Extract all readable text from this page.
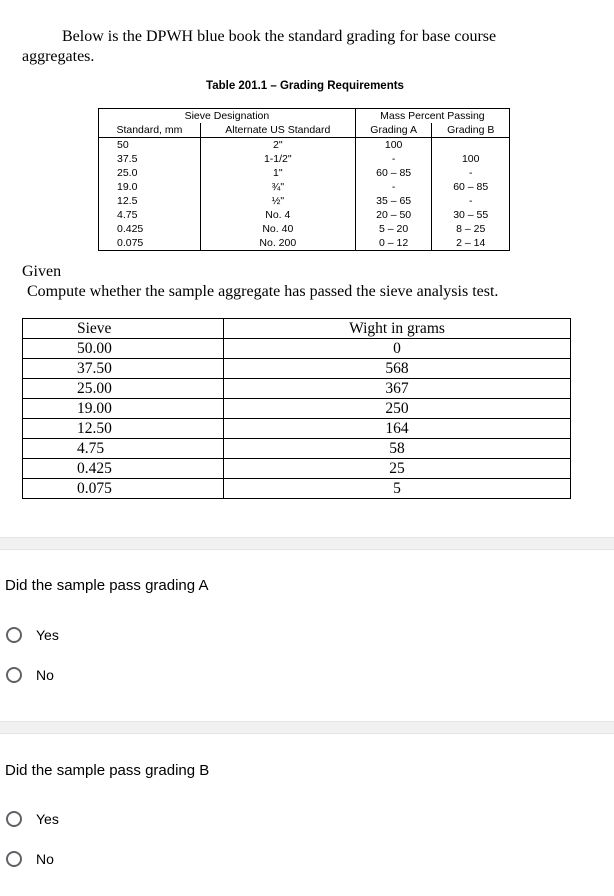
Below is the DPWH blue book the standard grading for base course
aggregates.
Table 201.1 – Grading Requirements
Sieve Designation		Mass Percent Passing	
Standard, mm	Alternate US Standard	Grading A	Grading B
50	2"	100	
37.5	1-1/2"	-	100
25.0	1"	60 – 85	-
19.0	¾"	-	60 – 85
12.5	½"	35 – 65	-
4.75	No. 4	20 – 50	30 – 55
0.425	No. 40	5 – 20	8 – 25
0.075	No. 200	0 – 12	2 – 14
Given
Compute whether the sample aggregate has passed the sieve analysis test.
Sieve	Wight in grams
50.00	0
37.50	568
25.00	367
19.00	250
12.50	164
4.75	58
0.425	25
0.075	5
Did the sample pass grading A
Yes
No
Did the sample pass grading B
Yes
No
